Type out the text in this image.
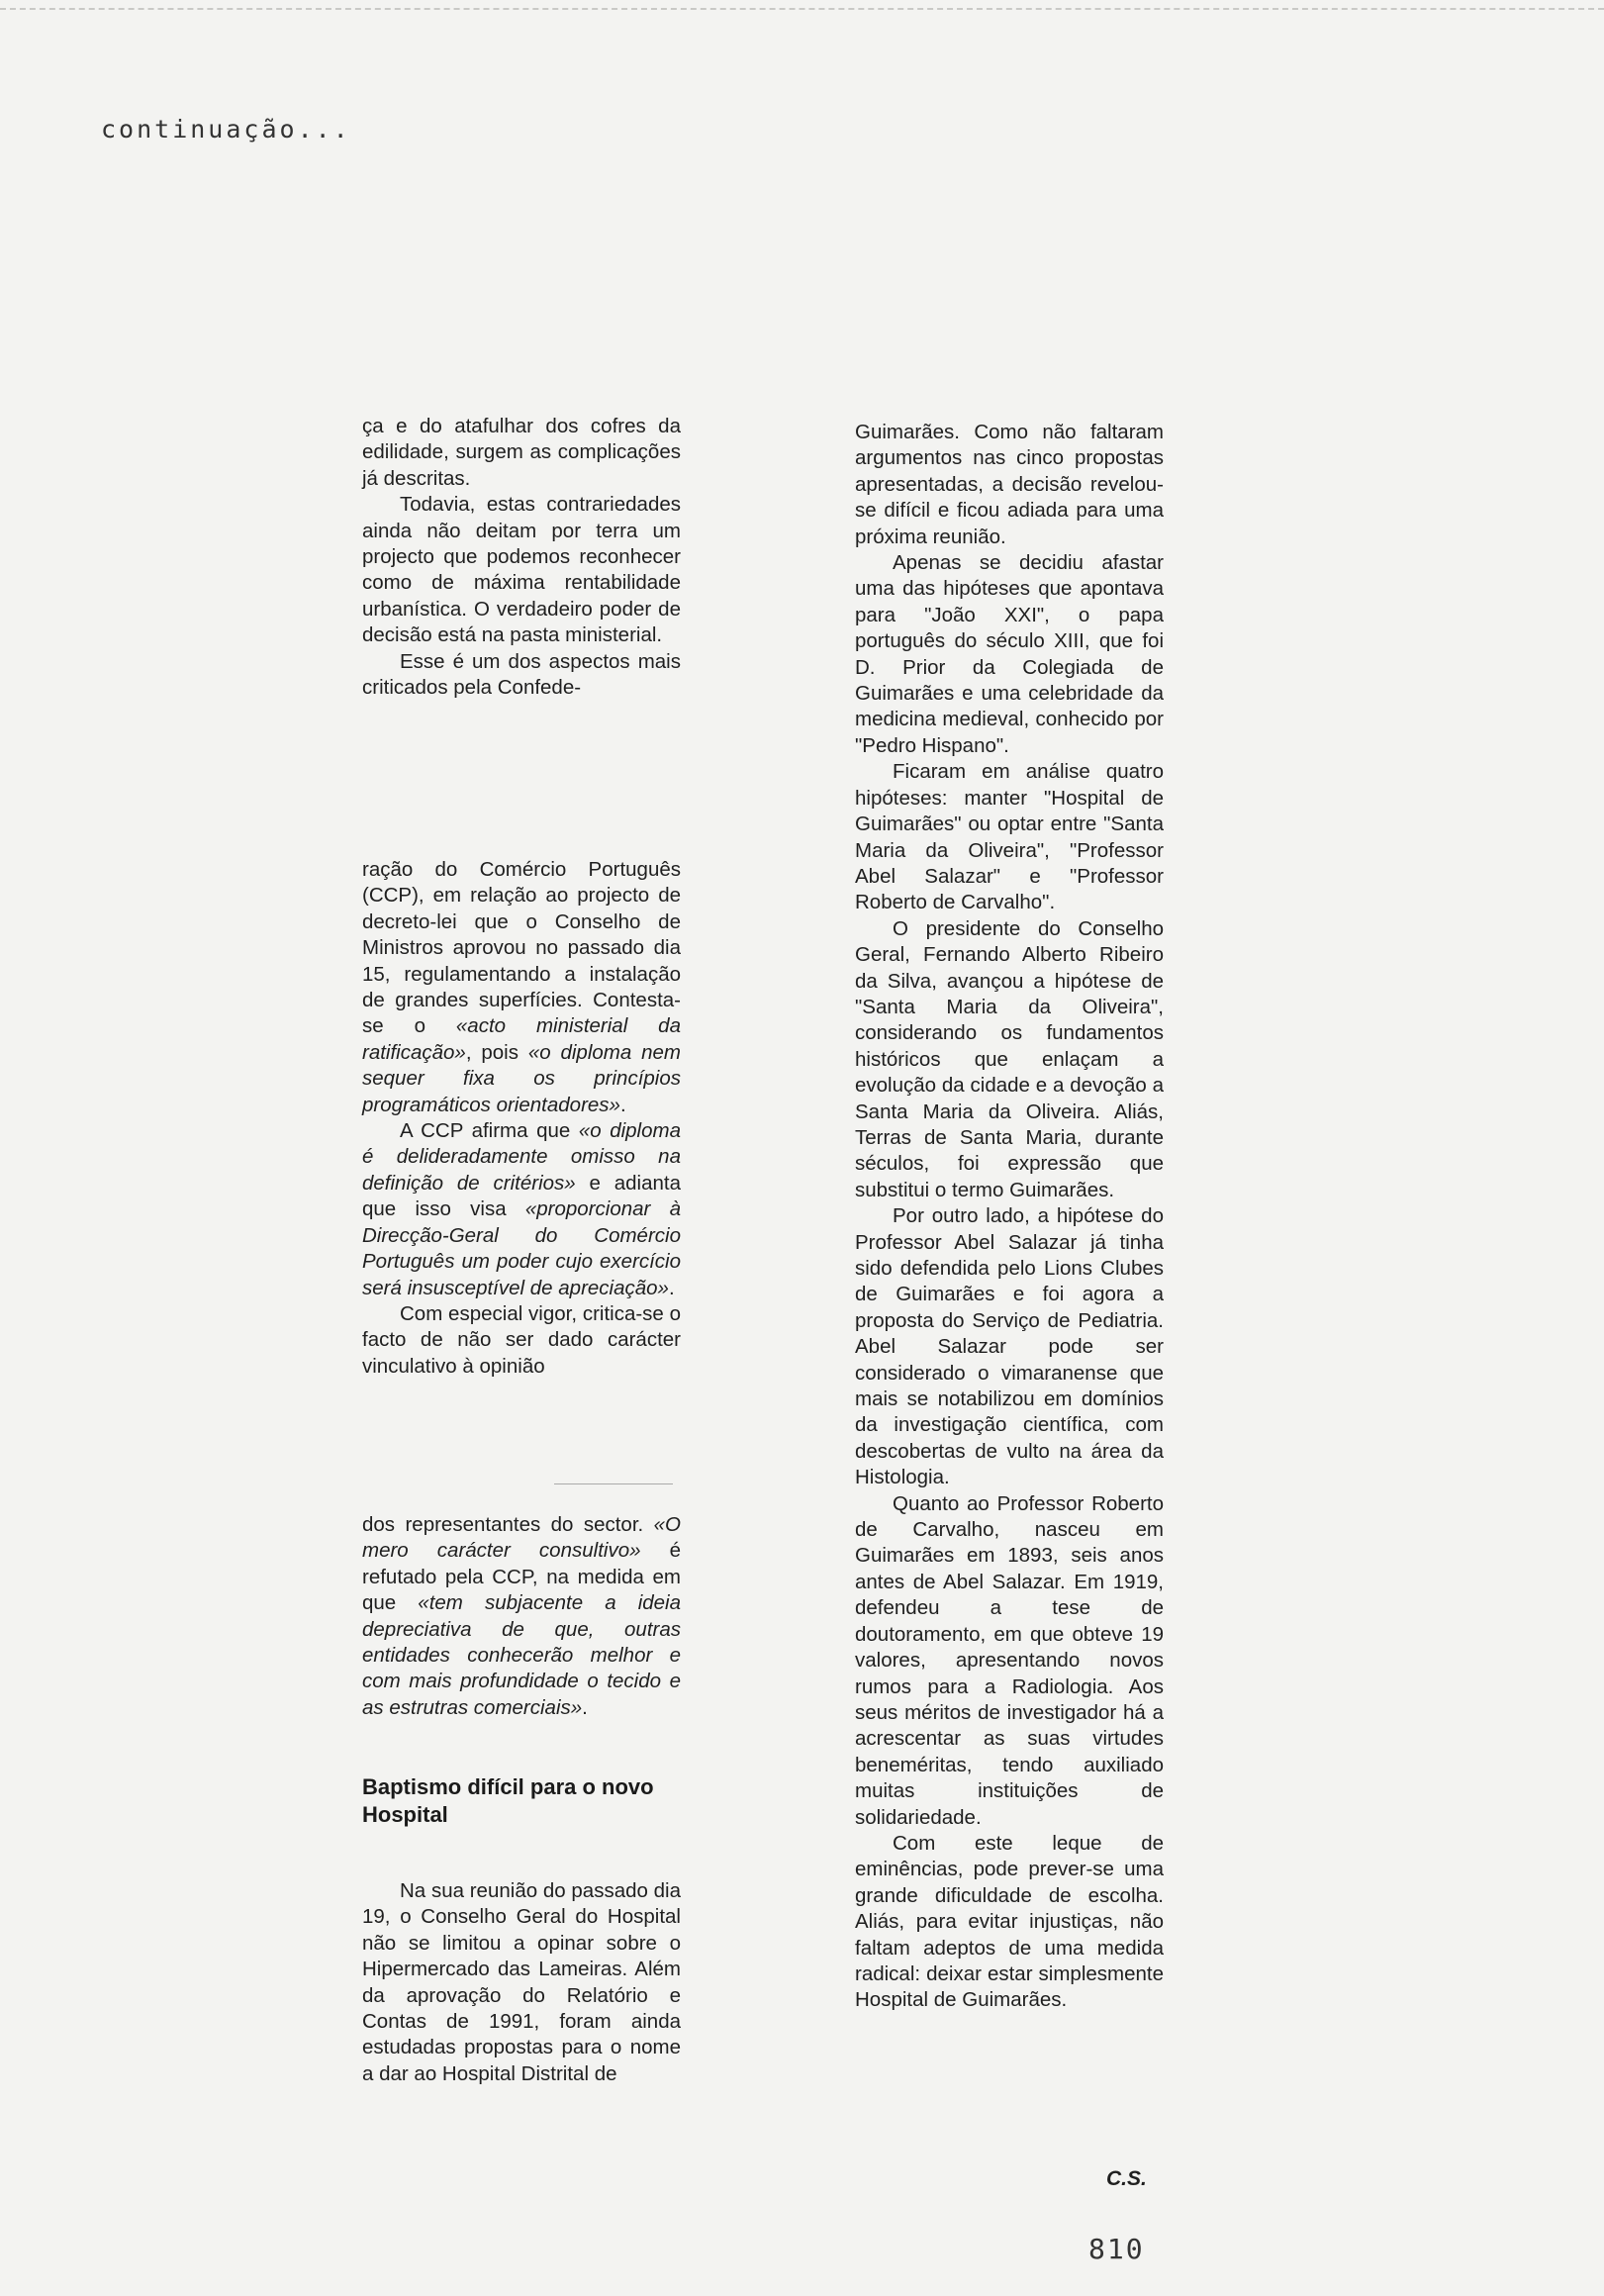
continuação...

ça e do atafulhar dos cofres da edilidade, surgem as complicações já descritas.

Todavia, estas contrariedades ainda não deitam por terra um projecto que podemos reconhecer como de máxima rentabilidade urbanística. O verdadeiro poder de decisão está na pasta ministerial.

Esse é um dos aspectos mais criticados pela Confede-

ração do Comércio Português (CCP), em relação ao projecto de decreto-lei que o Conselho de Ministros aprovou no passado dia 15, regulamentando a instalação de grandes superfícies. Contesta-se o «acto ministerial da ratificação», pois «o diploma nem sequer fixa os princípios programáticos orientadores».

A CCP afirma que «o diploma é delideradamente omisso na definição de critérios» e adianta que isso visa «proporcionar à Direcção-Geral do Comércio Português um poder cujo exercício será insusceptível de apreciação».

Com especial vigor, critica-se o facto de não ser dado carácter vinculativo à opinião

dos representantes do sector. «O mero carácter consultivo» é refutado pela CCP, na medida em que «tem subjacente a ideia depreciativa de que, outras entidades conhecerão melhor e com mais profundidade o tecido e as estrutras comerciais».

Baptismo difícil para o novo Hospital

Na sua reunião do passado dia 19, o Conselho Geral do Hospital não se limitou a opinar sobre o Hipermercado das Lameiras. Além da aprovação do Relatório e Contas de 1991, foram ainda estudadas propostas para o nome a dar ao Hospital Distrital de

Guimarães. Como não faltaram argumentos nas cinco propostas apresentadas, a decisão revelou-se difícil e ficou adiada para uma próxima reunião.

Apenas se decidiu afastar uma das hipóteses que apontava para "João XXI", o papa português do século XIII, que foi D. Prior da Colegiada de Guimarães e uma celebridade da medicina medieval, conhecido por "Pedro Hispano".

Ficaram em análise quatro hipóteses: manter "Hospital de Guimarães" ou optar entre "Santa Maria da Oliveira", "Professor Abel Salazar" e "Professor Roberto de Carvalho".

O presidente do Conselho Geral, Fernando Alberto Ribeiro da Silva, avançou a hipótese de "Santa Maria da Oliveira", considerando os fundamentos históricos que enlaçam a evolução da cidade e a devoção a Santa Maria da Oliveira. Aliás, Terras de Santa Maria, durante séculos, foi expressão que substitui o termo Guimarães.

Por outro lado, a hipótese do Professor Abel Salazar já tinha sido defendida pelo Lions Clubes de Guimarães e foi agora a proposta do Serviço de Pediatria. Abel Salazar pode ser considerado o vimaranense que mais se notabilizou em domínios da investigação científica, com descobertas de vulto na área da Histologia.

Quanto ao Professor Roberto de Carvalho, nasceu em Guimarães em 1893, seis anos antes de Abel Salazar. Em 1919, defendeu a tese de doutoramento, em que obteve 19 valores, apresentando novos rumos para a Radiologia. Aos seus méritos de investigador há a acrescentar as suas virtudes beneméritas, tendo auxiliado muitas instituições de solidariedade.

Com este leque de eminências, pode prever-se uma grande dificuldade de escolha. Aliás, para evitar injustiças, não faltam adeptos de uma medida radical: deixar estar simplesmente Hospital de Guimarães.

C.S.
810
